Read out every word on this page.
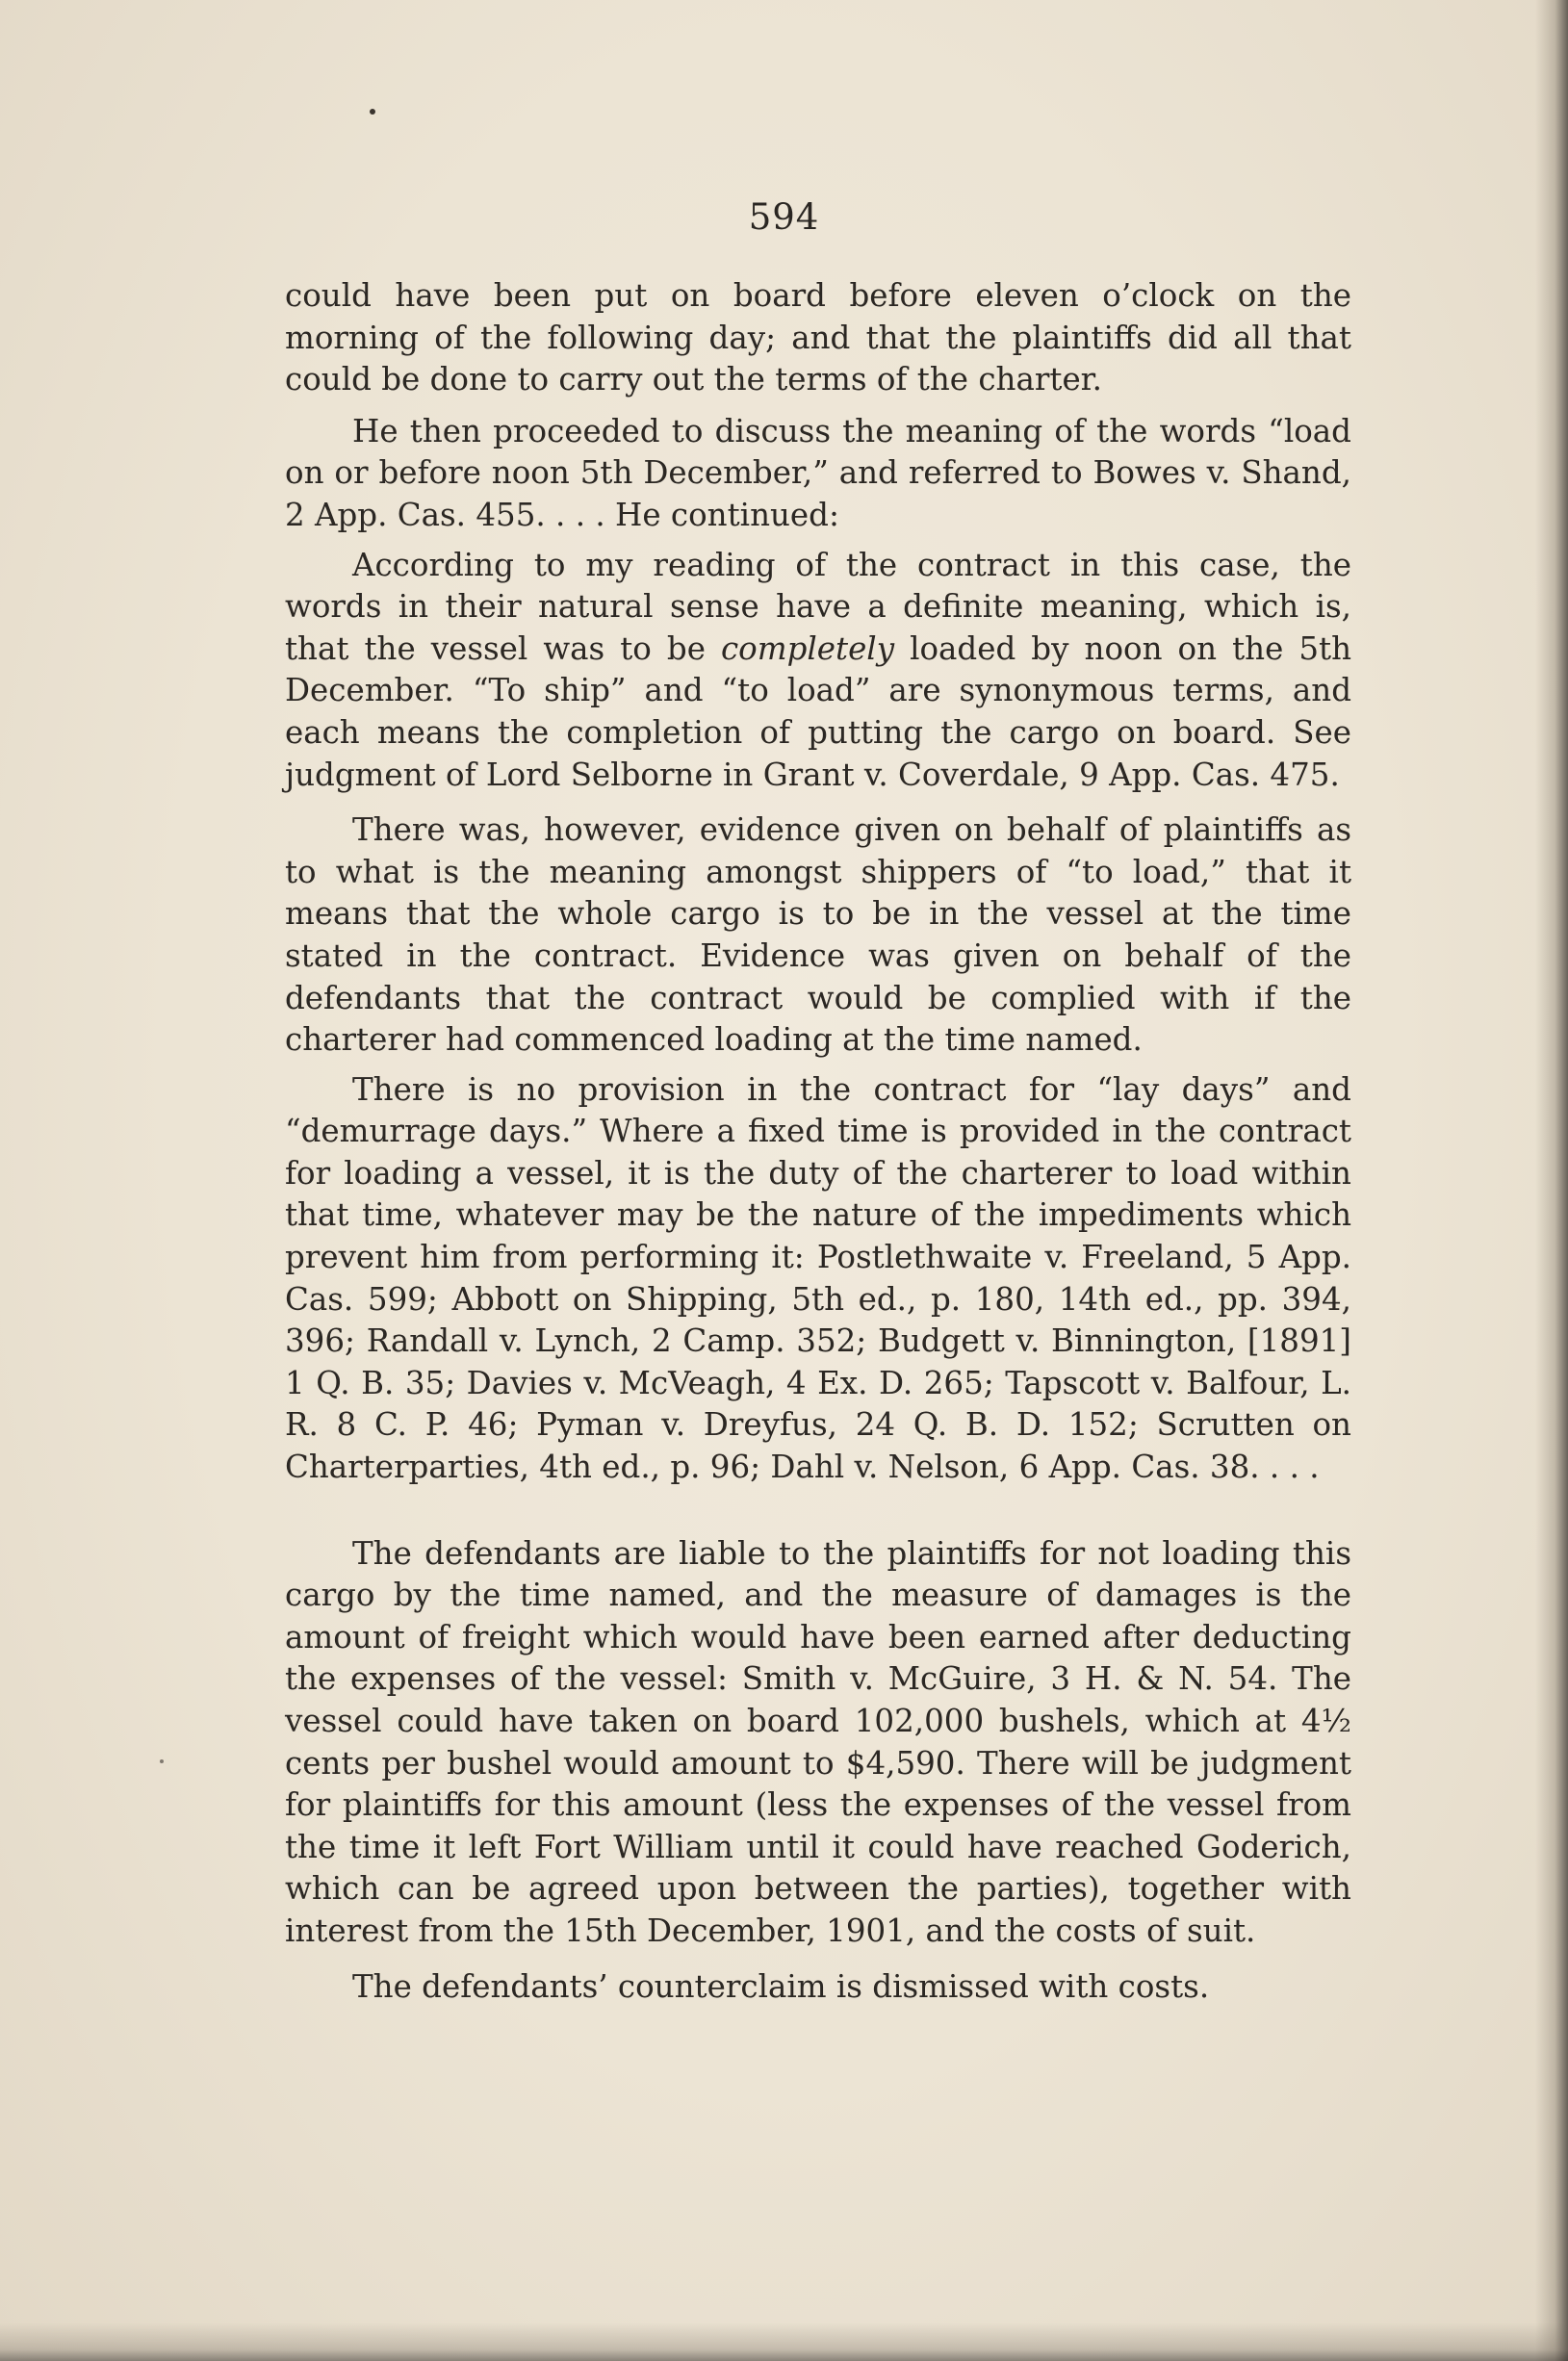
594

could have been put on board before eleven o’clock on the morning of the following day; and that the plaintiffs did all that could be done to carry out the terms of the charter.

He then proceeded to discuss the meaning of the words “load on or before noon 5th December,” and referred to Bowes v. Shand, 2 App. Cas. 455. . . . He continued:

According to my reading of the contract in this case, the words in their natural sense have a definite meaning, which is, that the vessel was to be completely loaded by noon on the 5th December. “To ship” and “to load” are synonymous terms, and each means the completion of putting the cargo on board. See judgment of Lord Selborne in Grant v. Coverdale, 9 App. Cas. 475.

There was, however, evidence given on behalf of plaintiffs as to what is the meaning amongst shippers of “to load,” that it means that the whole cargo is to be in the vessel at the time stated in the contract. Evidence was given on behalf of the defendants that the contract would be complied with if the charterer had commenced loading at the time named.

There is no provision in the contract for “lay days” and “demurrage days.” Where a fixed time is provided in the contract for loading a vessel, it is the duty of the charterer to load within that time, whatever may be the nature of the impediments which prevent him from performing it: Postlethwaite v. Freeland, 5 App. Cas. 599; Abbott on Shipping, 5th ed., p. 180, 14th ed., pp. 394, 396; Randall v. Lynch, 2 Camp. 352; Budgett v. Binnington, [1891] 1 Q. B. 35; Davies v. McVeagh, 4 Ex. D. 265; Tapscott v. Balfour, L. R. 8 C. P. 46; Pyman v. Dreyfus, 24 Q. B. D. 152; Scrutten on Charterparties, 4th ed., p. 96; Dahl v. Nelson, 6 App. Cas. 38. . . .

The defendants are liable to the plaintiffs for not loading this cargo by the time named, and the measure of damages is the amount of freight which would have been earned after deducting the expenses of the vessel: Smith v. McGuire, 3 H. & N. 54. The vessel could have taken on board 102,000 bushels, which at 4½ cents per bushel would amount to $4,590. There will be judgment for plaintiffs for this amount (less the expenses of the vessel from the time it left Fort William until it could have reached Goderich, which can be agreed upon between the parties), together with interest from the 15th December, 1901, and the costs of suit.

The defendants’ counterclaim is dismissed with costs.
